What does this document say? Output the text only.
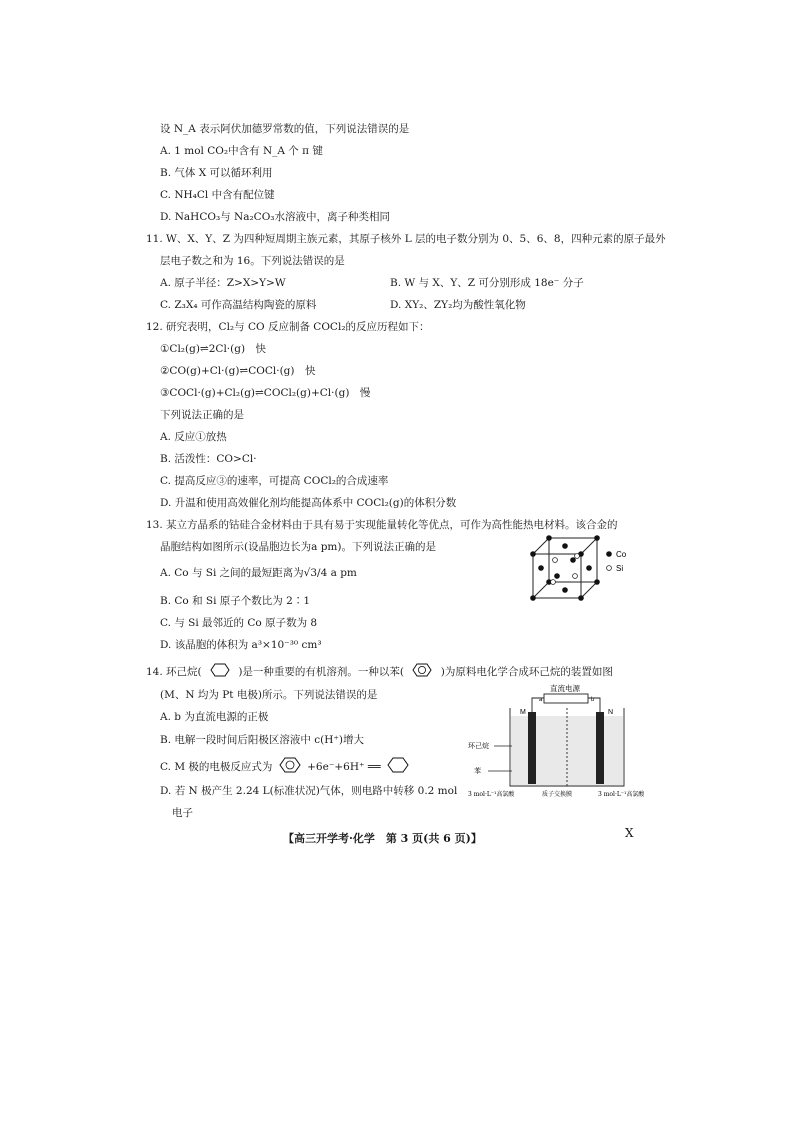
设 N_A 表示阿伏加德罗常数的值，下列说法错误的是
A. 1 mol CO₂中含有 N_A 个 π 键
B. 气体 X 可以循环利用
C. NH₄Cl 中含有配位键
D. NaHCO₃与 Na₂CO₃水溶液中，离子种类相同
11. W、X、Y、Z 为四种短周期主族元素，其原子核外 L 层的电子数分别为 0、5、6、8，四种元素的原子最外
层电子数之和为 16。下列说法错误的是
A. 原子半径：Z>X>Y>W	B. W 与 X、Y、Z 可分别形成 18e⁻ 分子
C. Z₃X₄ 可作高温结构陶瓷的原料	D. XY₂、ZY₂均为酸性氧化物
12. 研究表明，Cl₂与 CO 反应制备 COCl₂的反应历程如下：
①Cl₂(g)⇌2Cl·(g)　快
②CO(g)+Cl·(g)⇌COCl·(g)　快
③COCl·(g)+Cl₂(g)⇌COCl₂(g)+Cl·(g)　慢
下列说法正确的是
A. 反应①放热
B. 活泼性：CO>Cl·
C. 提高反应③的速率，可提高 COCl₂的合成速率
D. 升温和使用高效催化剂均能提高体系中 COCl₂(g)的体积分数
13. 某立方晶系的钴硅合金材料由于具有易于实现能量转化等优点，可作为高性能热电材料。该合金的
晶胞结构如图所示(设晶胞边长为a pm)。下列说法正确的是
A. Co 与 Si 之间的最短距离为√3/4 a pm
B. Co 和 Si 原子个数比为 2∶1
C. 与 Si 最邻近的 Co 原子数为 8
D. 该晶胞的体积为 a³×10⁻³⁰ cm³
Co
Si
14. 环己烷(	)是一种重要的有机溶剂。一种以苯(	)为原料电化学合成环己烷的装置如图
(M、N 均为 Pt 电极)所示。下列说法错误的是
A. b 为直流电源的正极
B. 电解一段时间后阳极区溶液中 c(H⁺)增大
C. M 极的电极反应式为	+6e⁻+6H⁺ ══
D. 若 N 极产生 2.24 L(标准状况)气体，则电路中转移 0.2 mol
电子
直流电源
a	b
M	N
环己烷
苯
3 mol·L⁻¹高氯酸	质子交换膜	3 mol·L⁻¹高氯酸
【高三开学考·化学　第 3 页(共 6 页)】	X
